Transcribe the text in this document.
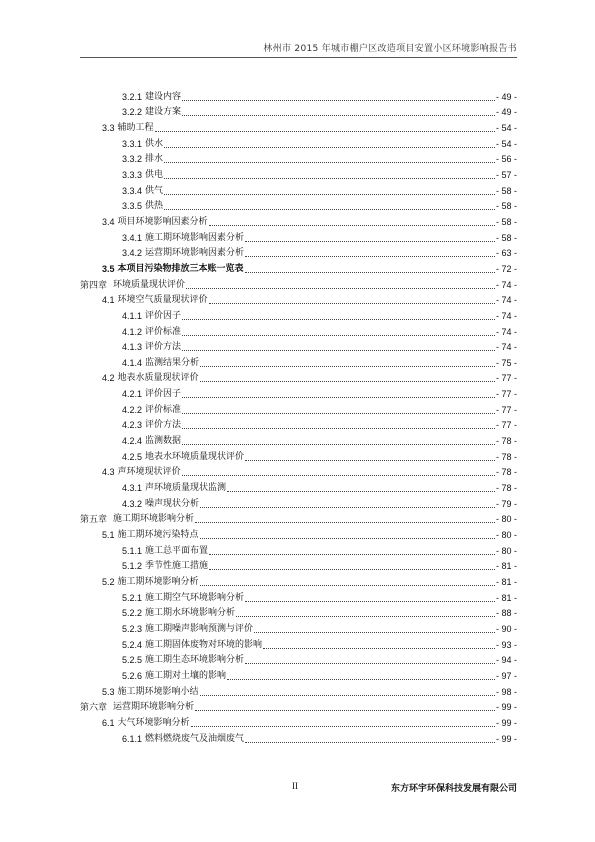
林州市 2015 年城市棚户区改造项目安置小区环境影响报告书
3.2.1 建设内容	- 49 -
3.2.2 建设方案	- 49 -
3.3 辅助工程	- 54 -
3.3.1 供水	- 54 -
3.3.2 排水	- 56 -
3.3.3 供电	- 57 -
3.3.4 供气	- 58 -
3.3.5 供热	- 58 -
3.4 项目环境影响因素分析	- 58 -
3.4.1 施工期环境影响因素分析	- 58 -
3.4.2 运营期环境影响因素分析	- 63 -
3.5 本项目污染物排放三本账一览表	- 72 -
第四章 环境质量现状评价	- 74 -
4.1 环境空气质量现状评价	- 74 -
4.1.1 评价因子	- 74 -
4.1.2 评价标准	- 74 -
4.1.3 评价方法	- 74 -
4.1.4 监测结果分析	- 75 -
4.2 地表水质量现状评价	- 77 -
4.2.1 评价因子	- 77 -
4.2.2 评价标准	- 77 -
4.2.3 评价方法	- 77 -
4.2.4 监测数据	- 78 -
4.2.5 地表水环境质量现状评价	- 78 -
4.3 声环境现状评价	- 78 -
4.3.1 声环境质量现状监测	- 78 -
4.3.2 噪声现状分析	- 79 -
第五章 施工期环境影响分析	- 80 -
5.1 施工期环境污染特点	- 80 -
5.1.1 施工总平面布置	- 80 -
5.1.2 季节性施工措施	- 81 -
5.2 施工期环境影响分析	- 81 -
5.2.1 施工期空气环境影响分析	- 81 -
5.2.2 施工期水环境影响分析	- 88 -
5.2.3 施工期噪声影响预测与评价	- 90 -
5.2.4 施工期固体废物对环境的影响	- 93 -
5.2.5 施工期生态环境影响分析	- 94 -
5.2.6 施工期对土壤的影响	- 97 -
5.3 施工期环境影响小结	- 98 -
第六章 运营期环境影响分析	- 99 -
6.1 大气环境影响分析	- 99 -
6.1.1 燃料燃烧废气及油烟废气	- 99 -
II	东方环宇环保科技发展有限公司
